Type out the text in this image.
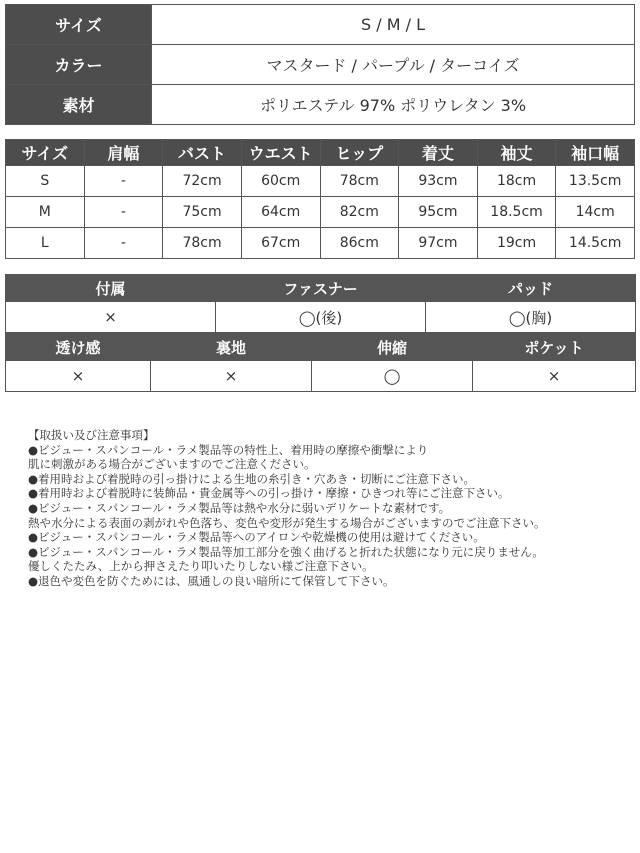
サイズ	S / M / L
カラー	マスタード / パープル / ターコイズ
素材	ポリエステル 97% ポリウレタン 3%
サイズ	肩幅	バスト	ウエスト	ヒップ	着丈	袖丈	袖口幅
S	-	72cm	60cm	78cm	93cm	18cm	13.5cm
M	-	75cm	64cm	82cm	95cm	18.5cm	14cm
L	-	78cm	67cm	86cm	97cm	19cm	14.5cm
付属	ファスナー	パッド
×	◯(後)	◯(胸)
透け感	裏地	伸縮	ポケット
×	×	◯	×
【取扱い及び注意事項】
●ビジュー・スパンコール・ラメ製品等の特性上、着用時の摩擦や衝撃により
肌に刺激がある場合がございますのでご注意ください。
●着用時および着脱時の引っ掛けによる生地の糸引き・穴あき・切断にご注意下さい。
●着用時および着脱時に装飾品・貴金属等への引っ掛け・摩擦・ひきつれ等にご注意下さい。
●ビジュー・スパンコール・ラメ製品等は熱や水分に弱いデリケートな素材です。
熱や水分による表面の剥がれや色落ち、変色や変形が発生する場合がございますのでご注意下さい。
●ビジュー・スパンコール・ラメ製品等へのアイロンや乾燥機の使用は避けてください。
●ビジュー・スパンコール・ラメ製品等加工部分を強く曲げると折れた状態になり元に戻りません。
優しくたたみ、上から押さえたり叩いたりしない様ご注意下さい。
●退色や変色を防ぐためには、風通しの良い暗所にて保管して下さい。
